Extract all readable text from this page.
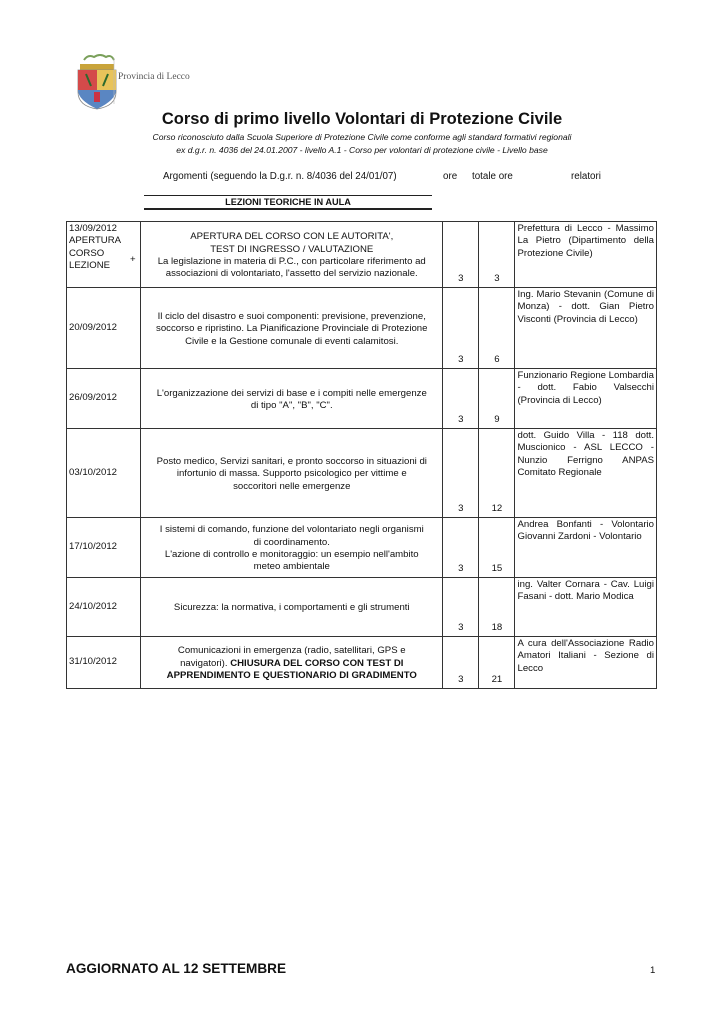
Provincia di Lecco
Corso di primo livello Volontari di Protezione Civile
Corso riconosciuto dalla Scuola Superiore di Protezione Civile come conforme agli standard formativi regionali
ex d.g.r. n. 4036 del 24.01.2007 - livello A.1 - Corso per volontari di protezione civile - Livello base
Argomenti (seguendo la D.g.r. n. 8/4036 del 24/01/07)	ore totale ore	relatori
LEZIONI TEORICHE IN AULA
13/09/2012
APERTURA
CORSO
LEZIONE	APERTURA DEL CORSO CON LE AUTORITA',
TEST DI INGRESSO / VALUTAZIONE
La legislazione in materia di P.C., con particolare riferimento ad
associazioni di volontariato, l'assetto del servizio nazionale.	3	3	Prefettura di Lecco - Massimo La Pietro (Dipartimento della Protezione Civile)
20/09/2012	Il ciclo del disastro e suoi componenti: previsione, prevenzione,
soccorso e ripristino. La Pianificazione Provinciale di Protezione
Civile e la Gestione comunale di eventi calamitosi.	3	6	Ing. Mario Stevanin (Comune di Monza) - dott. Gian Pietro Visconti (Provincia di Lecco)
26/09/2012	L'organizzazione dei servizi di base e i compiti nelle emergenze
di tipo "A", "B", "C".	3	9	Funzionario Regione Lombardia - dott. Fabio Valsecchi (Provincia di Lecco)
03/10/2012	Posto medico, Servizi sanitari, e pronto soccorso in situazioni di
infortunio di massa. Supporto psicologico per vittime e
soccoritori nelle emergenze	3	12	dott. Guido Villa - 118 dott. Muscionico - ASL LECCO - Nunzio Ferrigno ANPAS Comitato Regionale
17/10/2012	I sistemi di comando, funzione del volontariato negli organismi
di coordinamento.
L'azione di controllo e monitoraggio: un esempio nell'ambito
meteo ambientale	3	15	Andrea Bonfanti - Volontario Giovanni Zardoni - Volontario
24/10/2012	Sicurezza: la normativa, i comportamenti e gli strumenti	3	18	ing. Valter Cornara - Cav. Luigi Fasani - dott. Mario Modica
31/10/2012	Comunicazioni in emergenza (radio, satellitari, GPS e
navigatori). CHIUSURA DEL CORSO CON TEST DI APPRENDIMENTO E QUESTIONARIO DI GRADIMENTO	3	21	A cura dell'Associazione Radio Amatori Italiani - Sezione di Lecco
+
AGGIORNATO AL 12 SETTEMBRE	1
